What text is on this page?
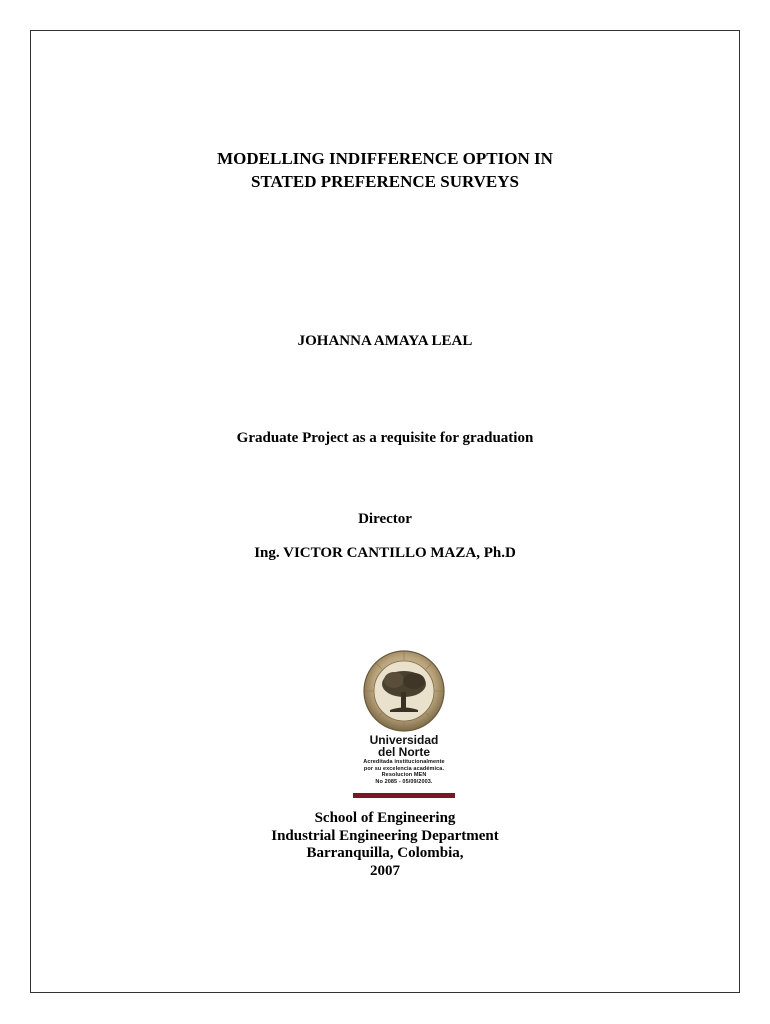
MODELLING INDIFFERENCE OPTION IN
STATED PREFERENCE SURVEYS
JOHANNA AMAYA LEAL
Graduate Project as a requisite for graduation
Director
Ing. VICTOR CANTILLO MAZA, Ph.D
Universidad
del Norte
Acreditada institucionalmente
por su excelencia académica.
Resolucion MEN
No 2085 - 05/09/2003.
School of Engineering
Industrial Engineering Department
Barranquilla, Colombia,
2007
